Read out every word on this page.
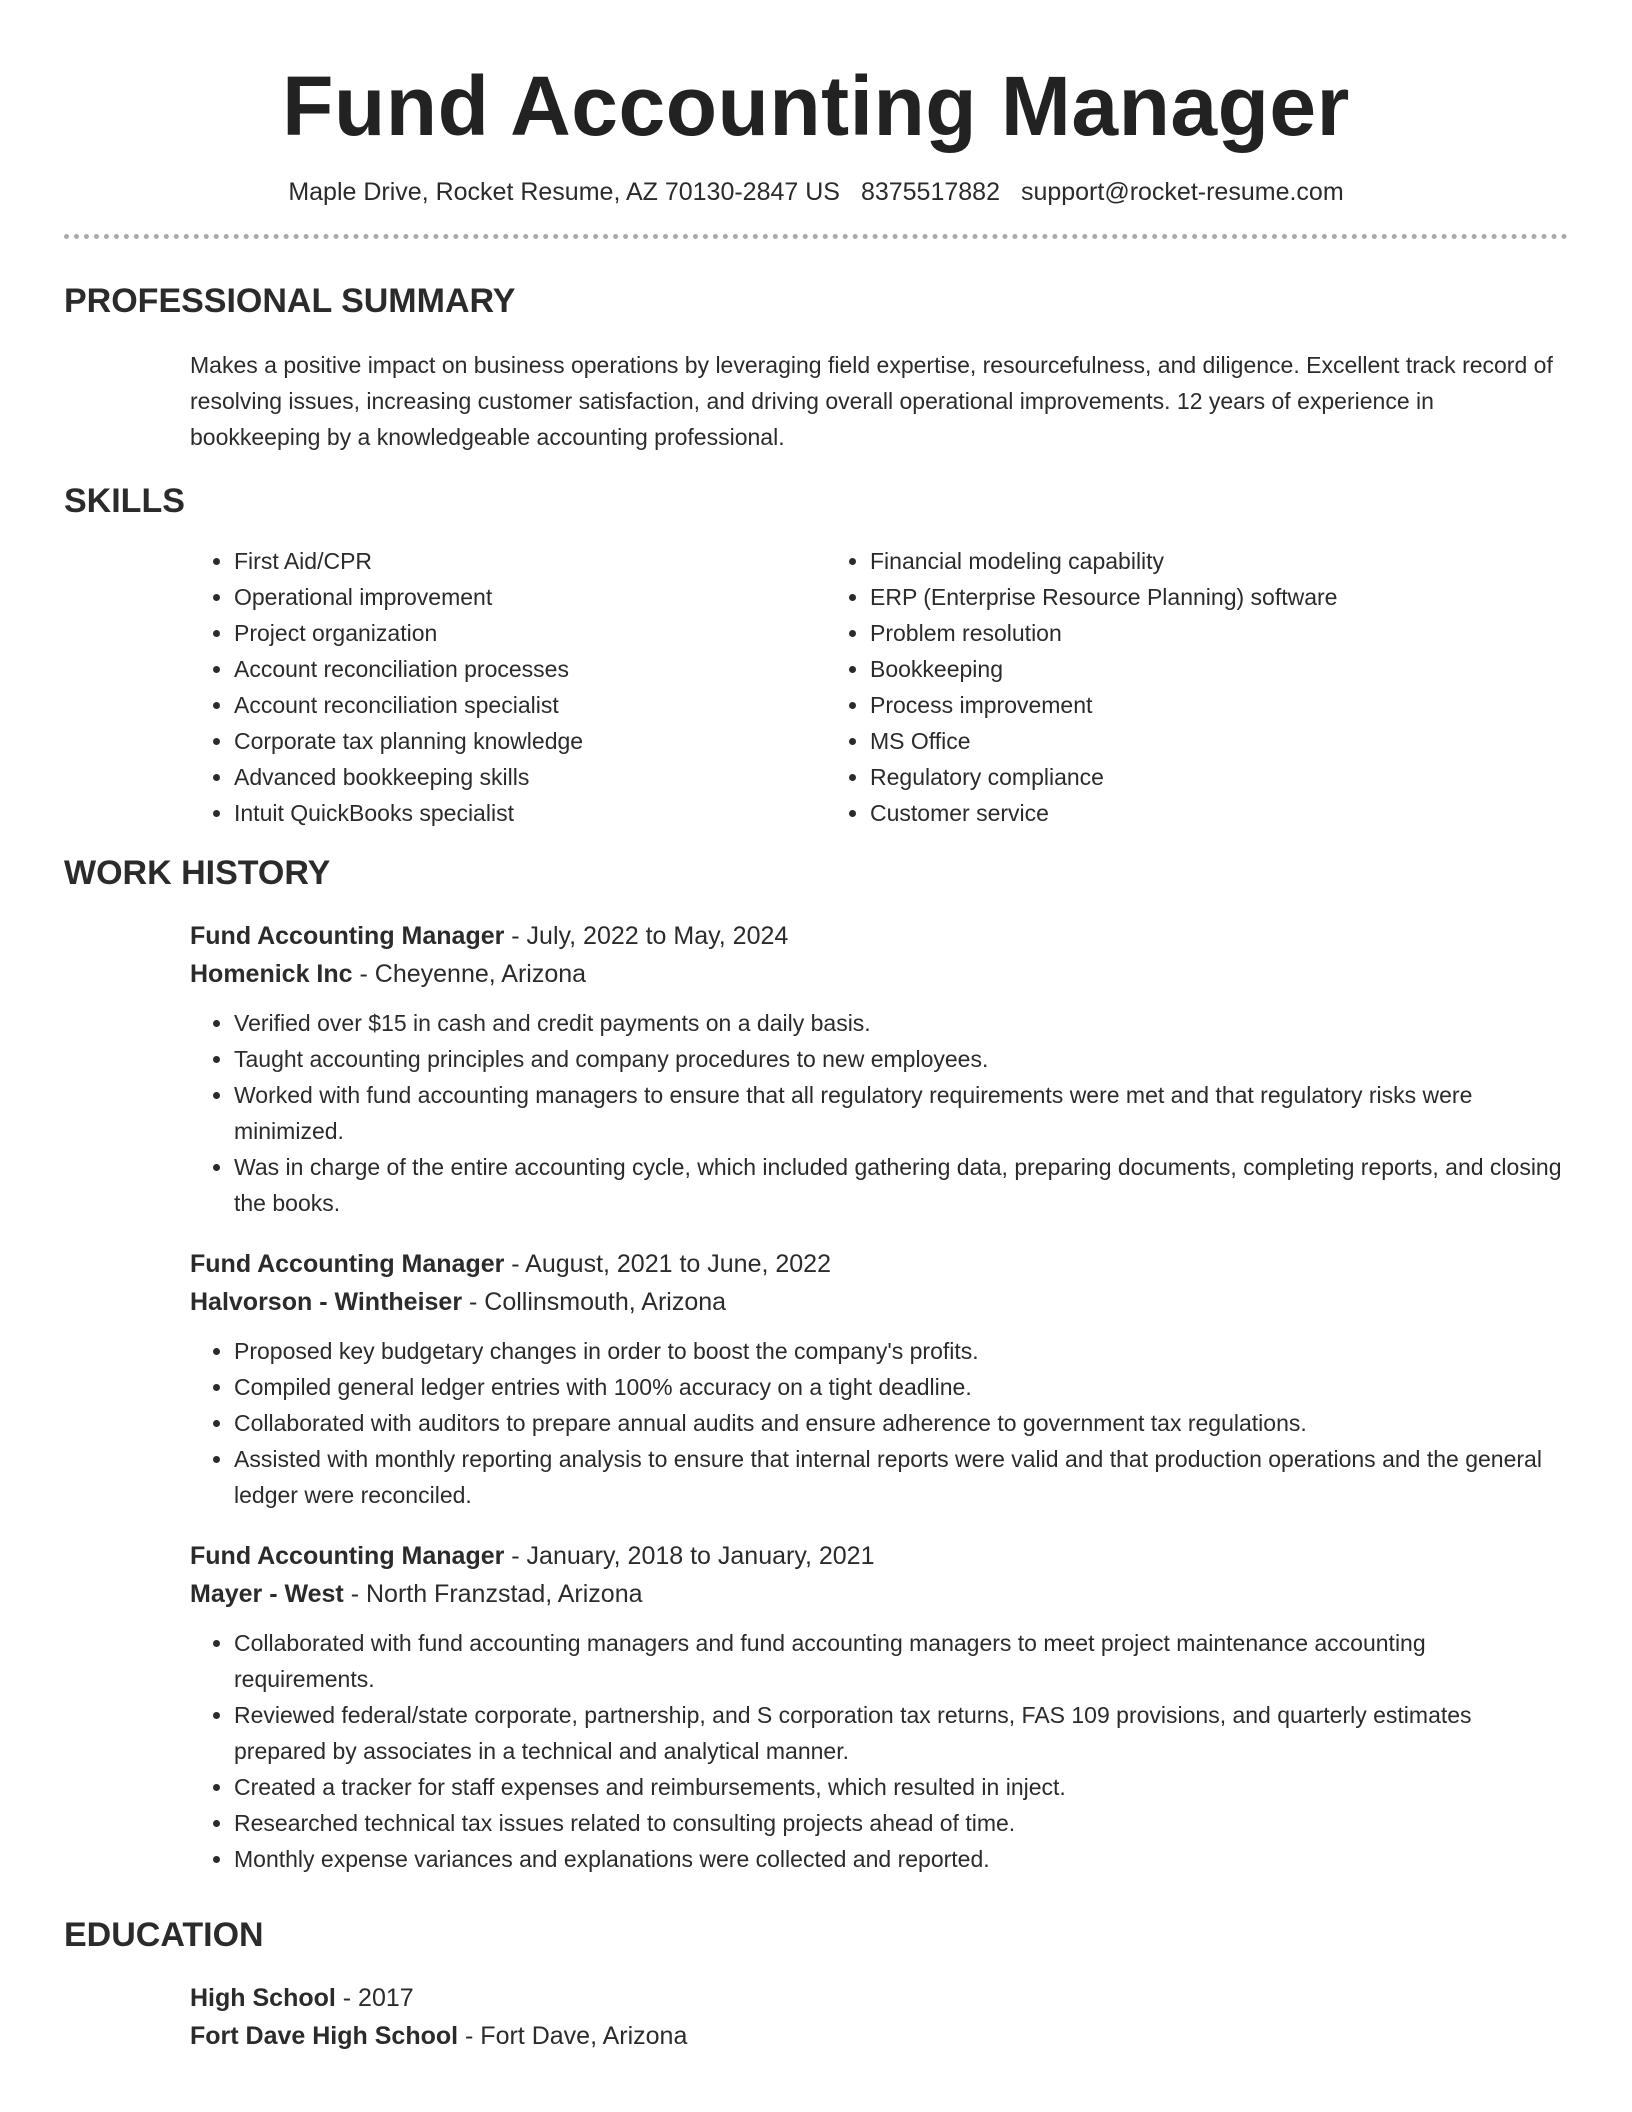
Fund Accounting Manager
Maple Drive, Rocket Resume, AZ 70130-2847 US 8375517882 support@rocket-resume.com
PROFESSIONAL SUMMARY
Makes a positive impact on business operations by leveraging field expertise, resourcefulness, and diligence. Excellent track record of resolving issues, increasing customer satisfaction, and driving overall operational improvements. 12 years of experience in bookkeeping by a knowledgeable accounting professional.
SKILLS
• First Aid/CPR
• Operational improvement
• Project organization
• Account reconciliation processes
• Account reconciliation specialist
• Corporate tax planning knowledge
• Advanced bookkeeping skills
• Intuit QuickBooks specialist
• Financial modeling capability
• ERP (Enterprise Resource Planning) software
• Problem resolution
• Bookkeeping
• Process improvement
• MS Office
• Regulatory compliance
• Customer service
WORK HISTORY
Fund Accounting Manager - July, 2022 to May, 2024
Homenick Inc - Cheyenne, Arizona
• Verified over $15 in cash and credit payments on a daily basis.
• Taught accounting principles and company procedures to new employees.
• Worked with fund accounting managers to ensure that all regulatory requirements were met and that regulatory risks were minimized.
• Was in charge of the entire accounting cycle, which included gathering data, preparing documents, completing reports, and closing the books.
Fund Accounting Manager - August, 2021 to June, 2022
Halvorson - Wintheiser - Collinsmouth, Arizona
• Proposed key budgetary changes in order to boost the company's profits.
• Compiled general ledger entries with 100% accuracy on a tight deadline.
• Collaborated with auditors to prepare annual audits and ensure adherence to government tax regulations.
• Assisted with monthly reporting analysis to ensure that internal reports were valid and that production operations and the general ledger were reconciled.
Fund Accounting Manager - January, 2018 to January, 2021
Mayer - West - North Franzstad, Arizona
• Collaborated with fund accounting managers and fund accounting managers to meet project maintenance accounting requirements.
• Reviewed federal/state corporate, partnership, and S corporation tax returns, FAS 109 provisions, and quarterly estimates prepared by associates in a technical and analytical manner.
• Created a tracker for staff expenses and reimbursements, which resulted in inject.
• Researched technical tax issues related to consulting projects ahead of time.
• Monthly expense variances and explanations were collected and reported.
EDUCATION
High School - 2017
Fort Dave High School - Fort Dave, Arizona
